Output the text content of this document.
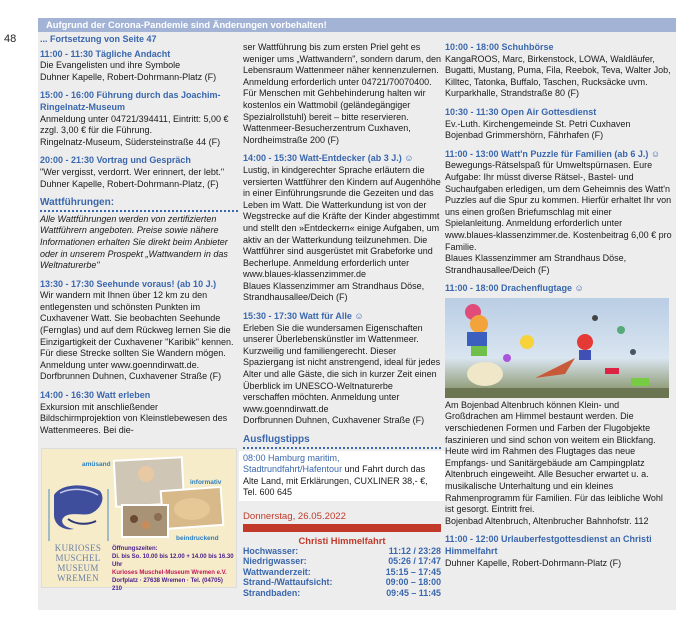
48
Aufgrund der Corona-Pandemie sind Änderungen vorbehalten!
... Fortsetzung von Seite 47
11:00 - 11:30 Tägliche Andacht

Die Evangelisten und ihre Symbole

Duhner Kapelle, Robert-Dohrmann-Platz (F)

15:00 - 16:00 Führung durch das Joachim-Ringelnatz-Museum

Anmeldung unter 04721/394411, Eintritt: 5,00 € zzgl. 3,00 € für die Führung.

Ringelnatz-Museum, Südersteinstraße 44 (F)

20:00 - 21:30 Vortrag und Gespräch

"Wer vergisst, verdorrt. Wer erinnert, der lebt."

Duhner Kapelle, Robert-Dohrmann-Platz, (F)

Wattführungen:

Alle Wattführungen werden von zertifizierten Wattführern angeboten. Preise sowie nähere Informationen erhalten Sie direkt beim Anbieter oder in unserem Prospekt „Wattwandern in das Weltnaturerbe"

13:30 - 17:30 Seehunde voraus! (ab 10 J.)

Wir wandern mit Ihnen über 12 km zu den entlegensten und schönsten Punkten im Cuxhavener Watt. Sie beobachten Seehunde (Fernglas) und auf dem Rückweg lernen Sie die Einzigartigkeit der Cuxhavener "Karibik" kennen. Für diese Strecke sollten Sie Wandern mögen. Anmeldung unter www.goenndirwatt.de.

Dorfbrunnen Duhnen, Cuxhavener Straße (F)

14:00 - 16:30 Watt erleben

Exkursion mit anschließender Bildschirmprojektion von Kleinstlebewesen des Wattenmeeres. Bei die-

amüsand
informativ
beindruckend
KURIOSES
MUSCHEL
MUSEUM
WREMEN
Öffnungszeiten:
Di. bis So. 10.00 bis 12.00 + 14.00 bis 16.30 Uhr
Kurioses Muschel-Museum Wremen e.V.
Dorfplatz · 27638 Wremen · Tel. (04705) 210

ser Wattführung bis zum ersten Priel geht es weniger ums „Wattwandern", sondern darum, den Lebensraum Wattenmeer näher kennenzulernen. Anmeldung erforderlich unter 04721/70070400. Für Menschen mit Gehbehinderung halten wir kostenlos ein Wattmobil (geländegängiger Spezialrollstuhl) bereit – bitte reservieren.

Wattenmeer-Besucherzentrum Cuxhaven, Nordheimstraße 200 (F)

14:00 - 15:30 Watt-Entdecker (ab 3 J.) ☺

Lustig, in kindgerechter Sprache erläutern die versierten Wattführer den Kindern auf Augenhöhe in einer Einführungsrunde die Gezeiten und das Leben im Watt. Die Watterkundung ist von der Wegstrecke auf die Kräfte der Kinder abgestimmt und stellt den »Entdeckern« einige Aufgaben, um aktiv an der Watterkundung teilzunehmen. Die Wattführer sind ausgerüstet mit Grabeforke und Becherlupe. Anmeldung erforderlich unter www.blaues-klassenzimmer.de

Blaues Klassenzimmer am Strandhaus Döse, Strandhausallee/Deich (F)

15:30 - 17:30 Watt für Alle ☺

Erleben Sie die wundersamen Eigenschaften unserer Überlebenskünstler im Wattenmeer. Kurzweilig und familiengerecht. Dieser Spaziergang ist nicht anstrengend, ideal für jedes Alter und alle Gäste, die sich in kurzer Zeit einen Überblick im UNESCO-Weltnaturerbe verschaffen möchten. Anmeldung unter www.goenndirwatt.de

Dorfbrunnen Duhnen, Cuxhavener Straße (F)

Ausflugstipps
08:00 Hamburg maritim, Stadtrundfahrt/Hafentour und Fahrt durch das Alte Land, mit Erklärungen, CUXLINER 38,- €, Tel. 600 645
Donnerstag, 26.05.2022
Christi Himmelfahrt
Hochwasser:	11:12 / 23:28
Niedrigwasser:	05:26 / 17:47
Wattwanderzeit:	15:15 – 17:45
Strand-/Wattaufsicht:	09:00 – 18:00
Strandbaden:	09:45 – 11:45
10:00 - 18:00 Schuhbörse

KangaROOS, Marc, Birkenstock, LOWA, Waldläufer, Bugatti, Mustang, Puma, Fila, Reebok, Teva, Walter Job, Killtec, Tatonka, Buffalo, Taschen, Rucksäcke uvm.

Kurparkhalle, Strandstraße 80 (F)

10:30 - 11:30 Open Air Gottesdienst

Ev.-Luth. Kirchengemeinde St. Petri Cuxhaven

Bojenbad Grimmershörn, Fährhafen (F)

11:00 - 13:00 Watt'n Puzzle für Familien (ab 6 J.) ☺

Bewegungs-Rätselspaß für Umweltspürnasen. Eure Aufgabe: Ihr müsst diverse Rätsel-, Bastel- und Suchaufgaben erledigen, um dem Geheimnis des Watt'n Puzzles auf die Spur zu kommen. Hierfür erhaltet Ihr von uns einen großen Briefumschlag mit einer Spielanleitung. Anmeldung erforderlich unter www.blaues-klassenzimmer.de. Kostenbeitrag 6,00 € pro Familie.

Blaues Klassenzimmer am Strandhaus Döse, Strandhausallee/Deich (F)

11:00 - 18:00 Drachenflugtage ☺

Am Bojenbad Altenbruch können Klein- und Großdrachen am Himmel bestaunt werden. Die verschiedenen Formen und Farben der Flugobjekte faszinieren und sind schon von weitem ein Blickfang. Heute wird im Rahmen des Flugtages das neue Empfangs- und Sanitärgebäude am Campingplatz Altenbruch eingeweiht. Alle Besucher erwartet u. a. musikalische Unterhaltung und ein kleines Rahmenprogramm für Familien. Für das leibliche Wohl ist gesorgt. Eintritt frei.

Bojenbad Altenbruch, Altenbrucher Bahnhofstr. 112

11:00 - 12:00 Urlauberfestgottesdienst an Christi Himmelfahrt

Duhner Kapelle, Robert-Dohrmann-Platz (F)
